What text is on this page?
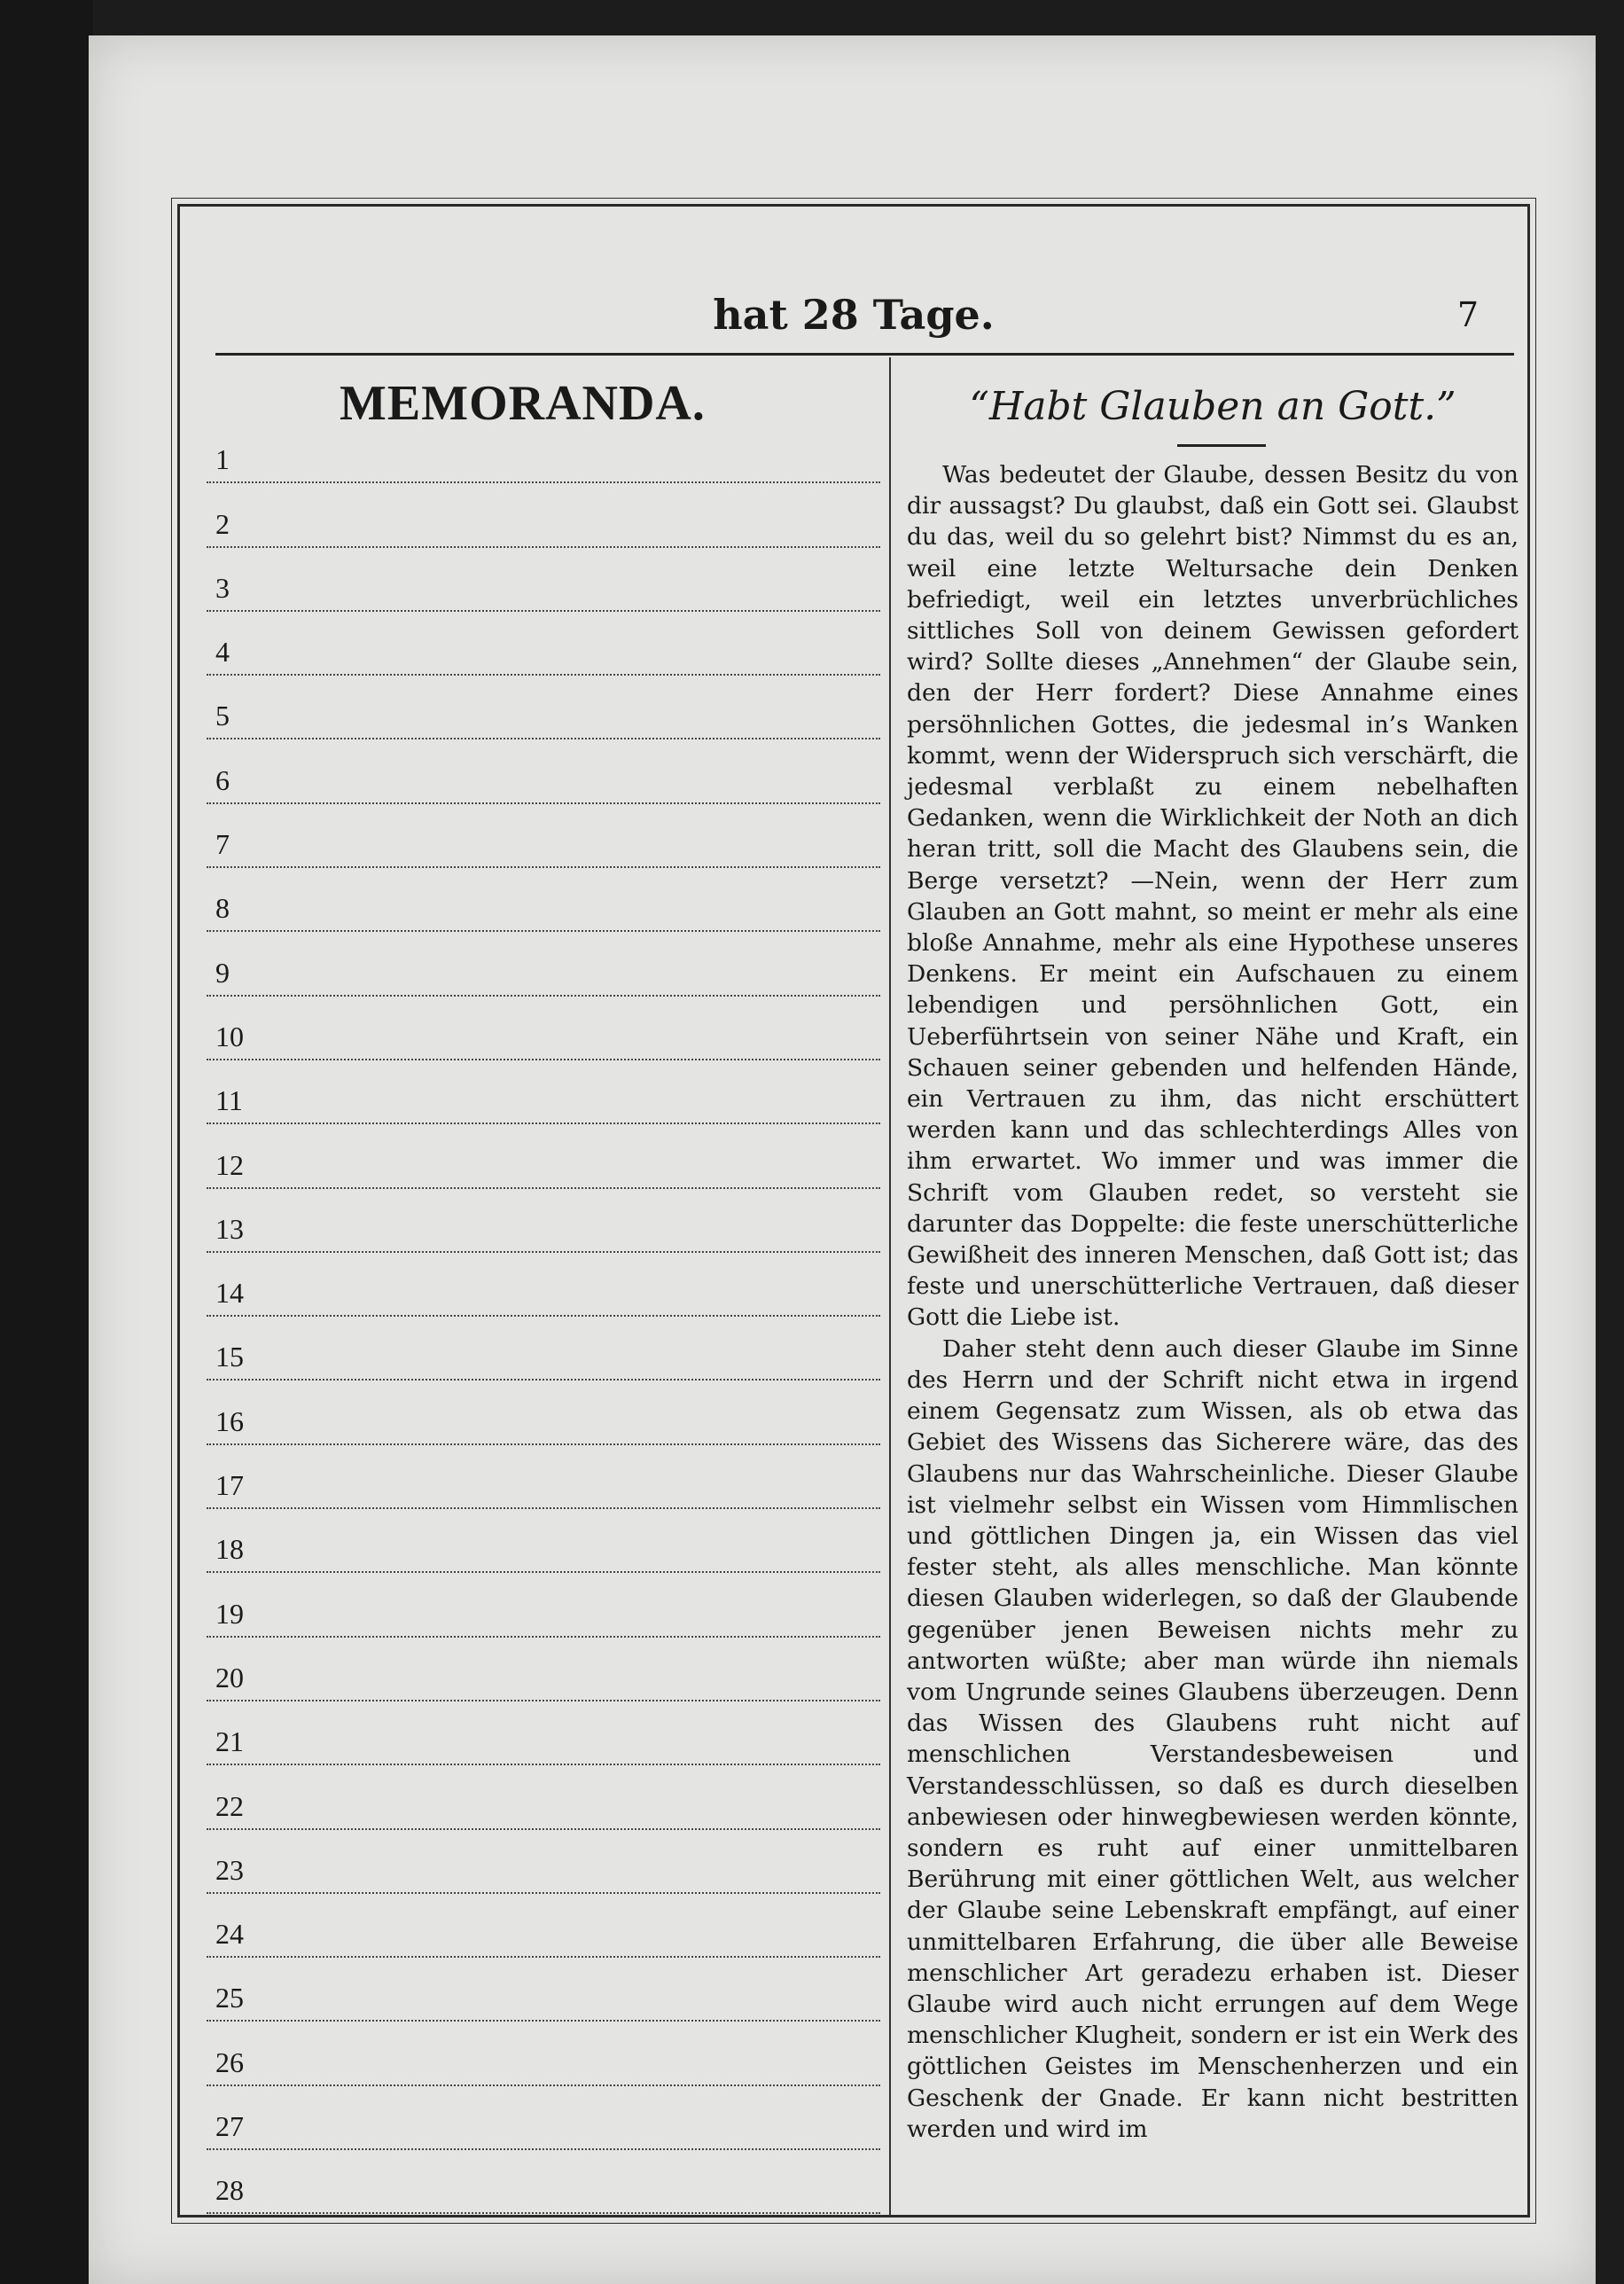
hat 28 Tage.	7
MEMORANDA.
1
2
3
4
5
6
7
8
9
10
11
12
13
14
15
16
17
18
19
20
21
22
23
24
25
26
27
28
“Habt Glauben an Gott.”

Was bedeutet der Glaube, dessen Besitz du von dir aussagst? Du glaubst, daß ein Gott sei. Glaubst du das, weil du so gelehrt bist? Nimmst du es an, weil eine letzte Weltursache dein Denken befriedigt, weil ein letztes unverbrüchliches sittliches Soll von deinem Gewissen gefordert wird? Sollte dieses „Annehmen“ der Glaube sein, den der Herr fordert? Diese Annahme eines persöhnlichen Gottes, die jedesmal in’s Wanken kommt, wenn der Widerspruch sich verschärft, die jedesmal verblaßt zu einem nebelhaften Gedanken, wenn die Wirklichkeit der Noth an dich heran tritt, soll die Macht des Glaubens sein, die Berge versetzt? —Nein, wenn der Herr zum Glauben an Gott mahnt, so meint er mehr als eine bloße Annahme, mehr als eine Hypothese unseres Denkens. Er meint ein Aufschauen zu einem lebendigen und persöhnlichen Gott, ein Ueberführtsein von seiner Nähe und Kraft, ein Schauen seiner gebenden und helfenden Hände, ein Vertrauen zu ihm, das nicht erschüttert werden kann und das schlechterdings Alles von ihm erwartet. Wo immer und was immer die Schrift vom Glauben redet, so versteht sie darunter das Doppelte: die feste unerschütterliche Gewißheit des inneren Menschen, daß Gott ist; das feste und unerschütterliche Vertrauen, daß dieser Gott die Liebe ist.

Daher steht denn auch dieser Glaube im Sinne des Herrn und der Schrift nicht etwa in irgend einem Gegensatz zum Wissen, als ob etwa das Gebiet des Wissens das Sicherere wäre, das des Glaubens nur das Wahrscheinliche. Dieser Glaube ist vielmehr selbst ein Wissen vom Himmlischen und göttlichen Dingen ja, ein Wissen das viel fester steht, als alles menschliche. Man könnte diesen Glauben widerlegen, so daß der Glaubende gegenüber jenen Beweisen nichts mehr zu antworten wüßte; aber man würde ihn niemals vom Ungrunde seines Glaubens überzeugen. Denn das Wissen des Glaubens ruht nicht auf menschlichen Verstandesbeweisen und Verstandesschlüssen, so daß es durch dieselben anbewiesen oder hinwegbewiesen werden könnte, sondern es ruht auf einer unmittelbaren Berührung mit einer göttlichen Welt, aus welcher der Glaube seine Lebenskraft empfängt, auf einer unmittelbaren Erfahrung, die über alle Beweise menschlicher Art geradezu erhaben ist. Dieser Glaube wird auch nicht errungen auf dem Wege menschlicher Klugheit, sondern er ist ein Werk des göttlichen Geistes im Menschenherzen und ein Geschenk der Gnade. Er kann nicht bestritten werden und wird im
